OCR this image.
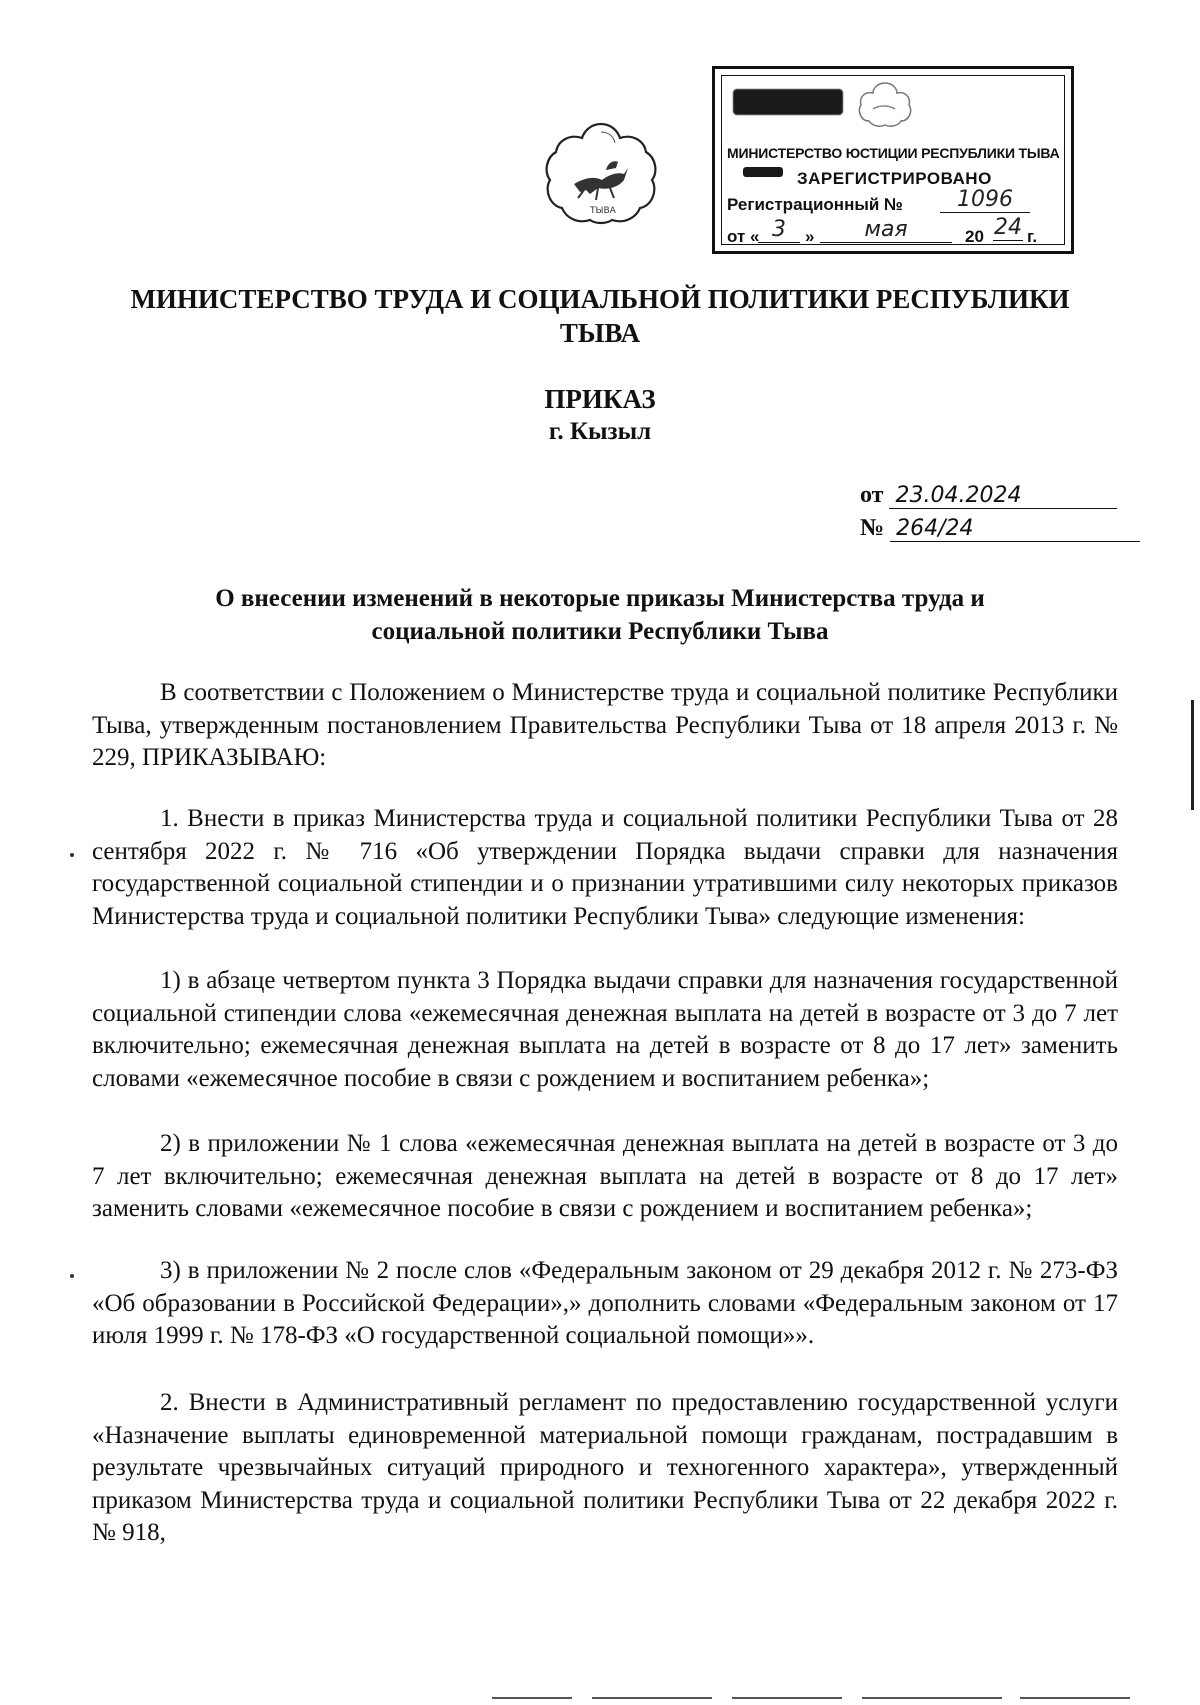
ТЫВА
МИНИСТЕРСТВО ЮСТИЦИИ РЕСПУБЛИКИ ТЫВА
ЗАРЕГИСТРИРОВАНО
Регистрационный №	1096
от « 3	»	мая	20 24 г.
МИНИСТЕРСТВО ТРУДА И СОЦИАЛЬНОЙ ПОЛИТИКИ РЕСПУБЛИКИ
ТЫВА
ПРИКАЗ
г. Кызыл
от 23.04.2024
№ 264/24
О внесении изменений в некоторые приказы Министерства труда и
социальной политики Республики Тыва
В соответствии с Положением о Министерстве труда и социальной политике Республики Тыва, утвержденным постановлением Правительства Республики Тыва от 18 апреля 2013 г. № 229, ПРИКАЗЫВАЮ:
1. Внести в приказ Министерства труда и социальной политики Республики Тыва от 28 сентября 2022 г. № 716 «Об утверждении Порядка выдачи справки для назначения государственной социальной стипендии и о признании утратившими силу некоторых приказов Министерства труда и социальной политики Республики Тыва» следующие изменения:
1) в абзаце четвертом пункта 3 Порядка выдачи справки для назначения государственной социальной стипендии слова «ежемесячная денежная выплата на детей в возрасте от 3 до 7 лет включительно; ежемесячная денежная выплата на детей в возрасте от 8 до 17 лет» заменить словами «ежемесячное пособие в связи с рождением и воспитанием ребенка»;
2) в приложении № 1 слова «ежемесячная денежная выплата на детей в возрасте от 3 до 7 лет включительно; ежемесячная денежная выплата на детей в возрасте от 8 до 17 лет» заменить словами «ежемесячное пособие в связи с рождением и воспитанием ребенка»;
3) в приложении № 2 после слов «Федеральным законом от 29 декабря 2012 г. № 273-ФЗ «Об образовании в Российской Федерации»,» дополнить словами «Федеральным законом от 17 июля 1999 г. № 178-ФЗ «О государственной социальной помощи»».
2. Внести в Административный регламент по предоставлению государственной услуги «Назначение выплаты единовременной материальной помощи гражданам, пострадавшим в результате чрезвычайных ситуаций природного и техногенного характера», утвержденный приказом Министерства труда и социальной политики Республики Тыва от 22 декабря 2022 г. № 918,
